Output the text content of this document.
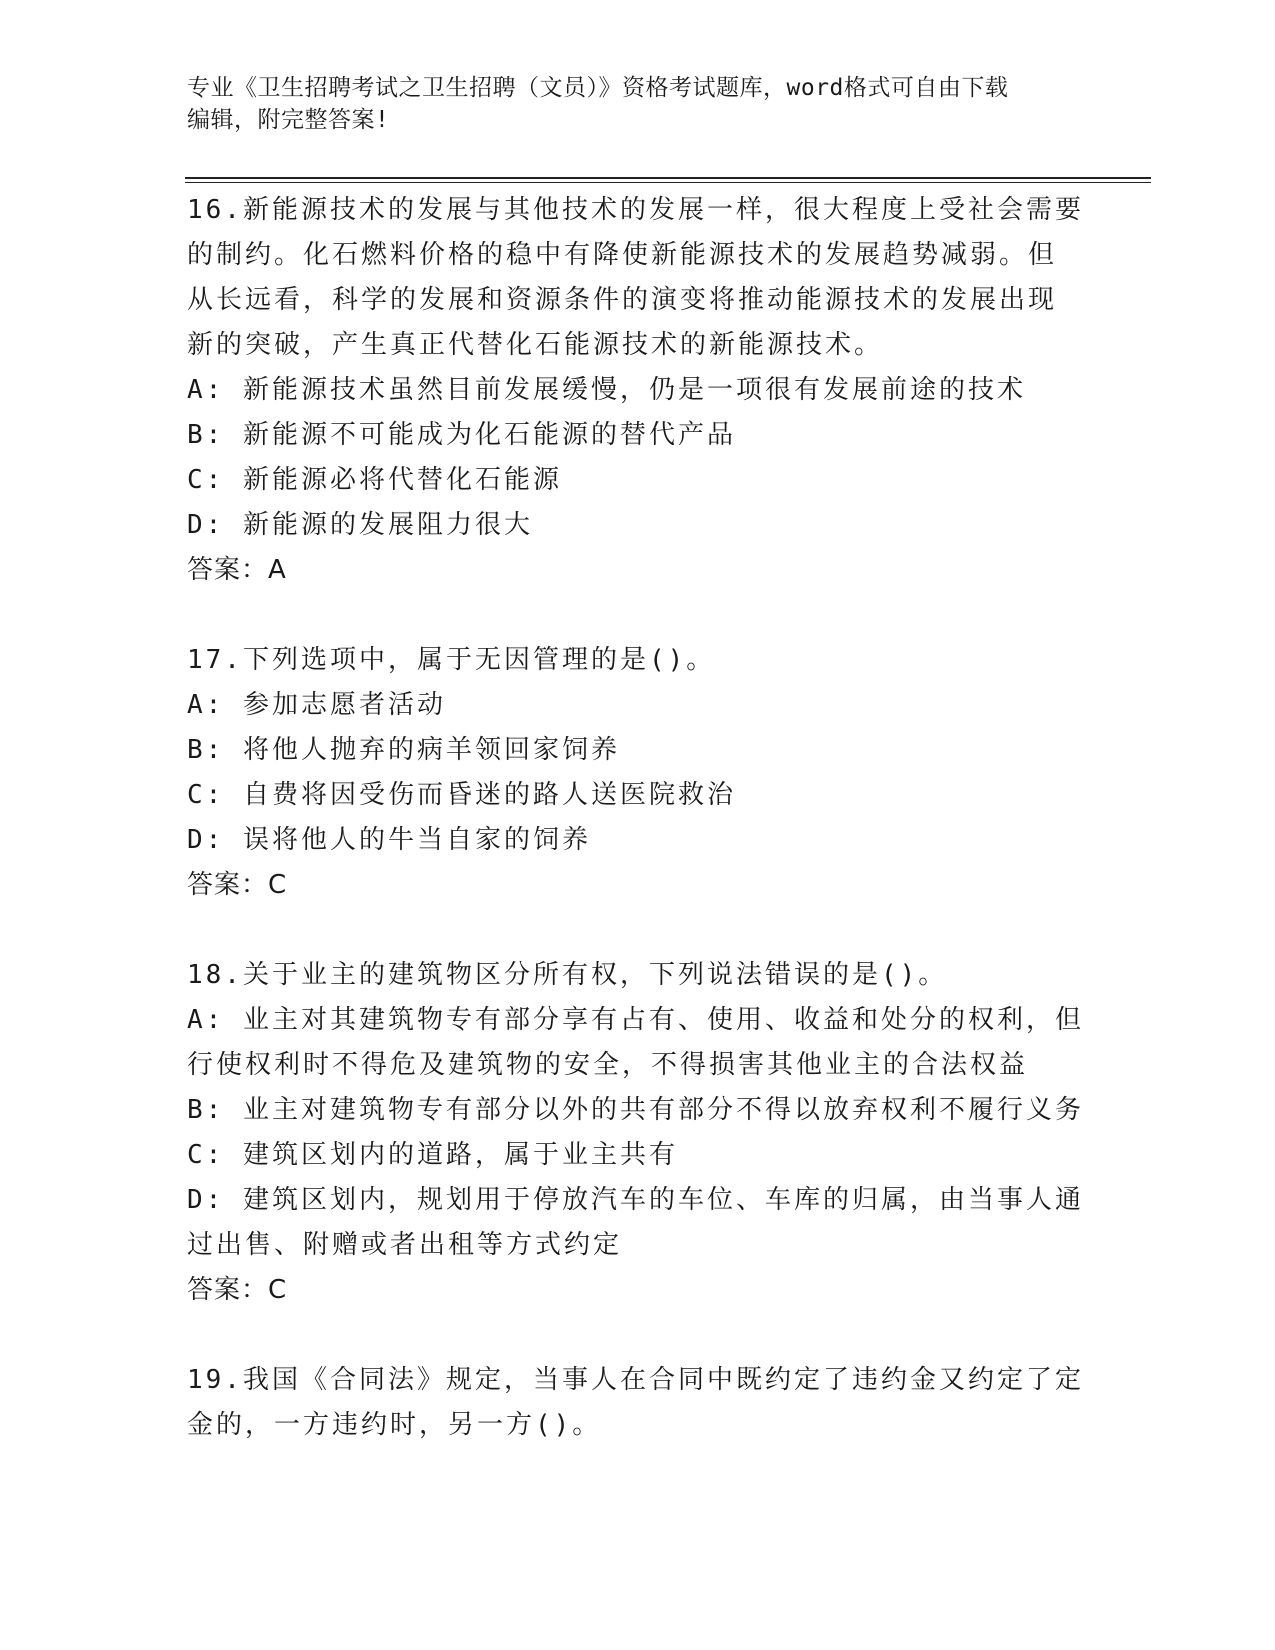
专业《卫生招聘考试之卫生招聘（文员）》资格考试题库，word格式可自由下载
编辑，附完整答案!
16.新能源技术的发展与其他技术的发展一样，很大程度上受社会需要
的制约。化石燃料价格的稳中有降使新能源技术的发展趋势减弱。但
从长远看，科学的发展和资源条件的演变将推动能源技术的发展出现
新的突破，产生真正代替化石能源技术的新能源技术。
A: 新能源技术虽然目前发展缓慢，仍是一项很有发展前途的技术
B: 新能源不可能成为化石能源的替代产品
C: 新能源必将代替化石能源
D: 新能源的发展阻力很大
答案：A
17.下列选项中，属于无因管理的是()。
A: 参加志愿者活动
B: 将他人抛弃的病羊领回家饲养
C: 自费将因受伤而昏迷的路人送医院救治
D: 误将他人的牛当自家的饲养
答案：C
18.关于业主的建筑物区分所有权，下列说法错误的是()。
A: 业主对其建筑物专有部分享有占有、使用、收益和处分的权利，但
行使权利时不得危及建筑物的安全，不得损害其他业主的合法权益
B: 业主对建筑物专有部分以外的共有部分不得以放弃权利不履行义务
C: 建筑区划内的道路，属于业主共有
D: 建筑区划内，规划用于停放汽车的车位、车库的归属，由当事人通
过出售、附赠或者出租等方式约定
答案：C
19.我国《合同法》规定，当事人在合同中既约定了违约金又约定了定
金的，一方违约时，另一方()。
